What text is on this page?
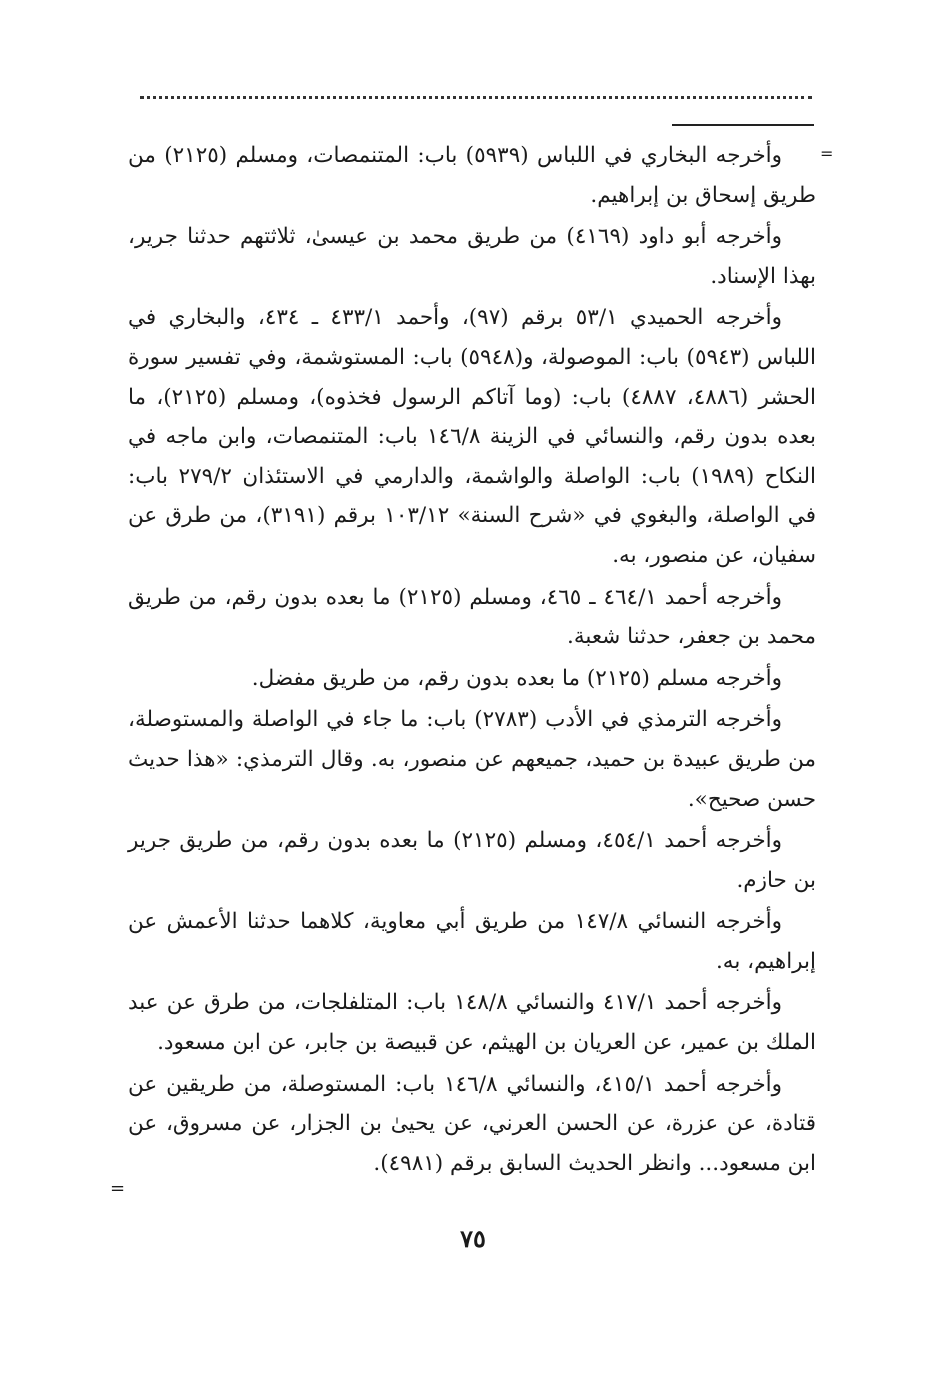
=

وأخرجه البخاري في اللباس (٥٩٣٩) باب: المتنمصات، ومسلم (٢١٢٥) من طريق إسحاق بن إبراهيم.

وأخرجه أبو داود (٤١٦٩) من طريق محمد بن عيسىٰ، ثلاثتهم حدثنا جرير، بهذا الإسناد.

وأخرجه الحميدي ٥٣/١ برقم (٩٧)، وأحمد ٤٣٣/١ ـ ٤٣٤، والبخاري في اللباس (٥٩٤٣) باب: الموصولة، و(٥٩٤٨) باب: المستوشمة، وفي تفسير سورة الحشر (٤٨٨٦، ٤٨٨٧) باب: (وما آتاكم الرسول فخذوه)، ومسلم (٢١٢٥)، ما بعده بدون رقم، والنسائي في الزينة ١٤٦/٨ باب: المتنمصات، وابن ماجه في النكاح (١٩٨٩) باب: الواصلة والواشمة، والدارمي في الاستئذان ٢٧٩/٢ باب: في الواصلة، والبغوي في «شرح السنة» ١٠٣/١٢ برقم (٣١٩١)، من طرق عن سفيان، عن منصور، به.

وأخرجه أحمد ٤٦٤/١ ـ ٤٦٥، ومسلم (٢١٢٥) ما بعده بدون رقم، من طريق محمد بن جعفر، حدثنا شعبة.

وأخرجه مسلم (٢١٢٥) ما بعده بدون رقم، من طريق مفضل.

وأخرجه الترمذي في الأدب (٢٧٨٣) باب: ما جاء في الواصلة والمستوصلة، من طريق عبيدة بن حميد، جميعهم عن منصور، به. وقال الترمذي: «هذا حديث حسن صحيح».

وأخرجه أحمد ٤٥٤/١، ومسلم (٢١٢٥) ما بعده بدون رقم، من طريق جرير بن حازم.

وأخرجه النسائي ١٤٧/٨ من طريق أبي معاوية، كلاهما حدثنا الأعمش عن إبراهيم، به.

وأخرجه أحمد ٤١٧/١ والنسائي ١٤٨/٨ باب: المتلفلجات، من طرق عن عبد الملك بن عمير، عن العريان بن الهيثم، عن قبيصة بن جابر، عن ابن مسعود.

وأخرجه أحمد ٤١٥/١، والنسائي ١٤٦/٨ باب: المستوصلة، من طريقين عن قتادة، عن عزرة، عن الحسن العرني، عن يحيىٰ بن الجزار، عن مسروق، عن ابن مسعود... وانظر الحديث السابق برقم (٤٩٨١).

=
٧٥
